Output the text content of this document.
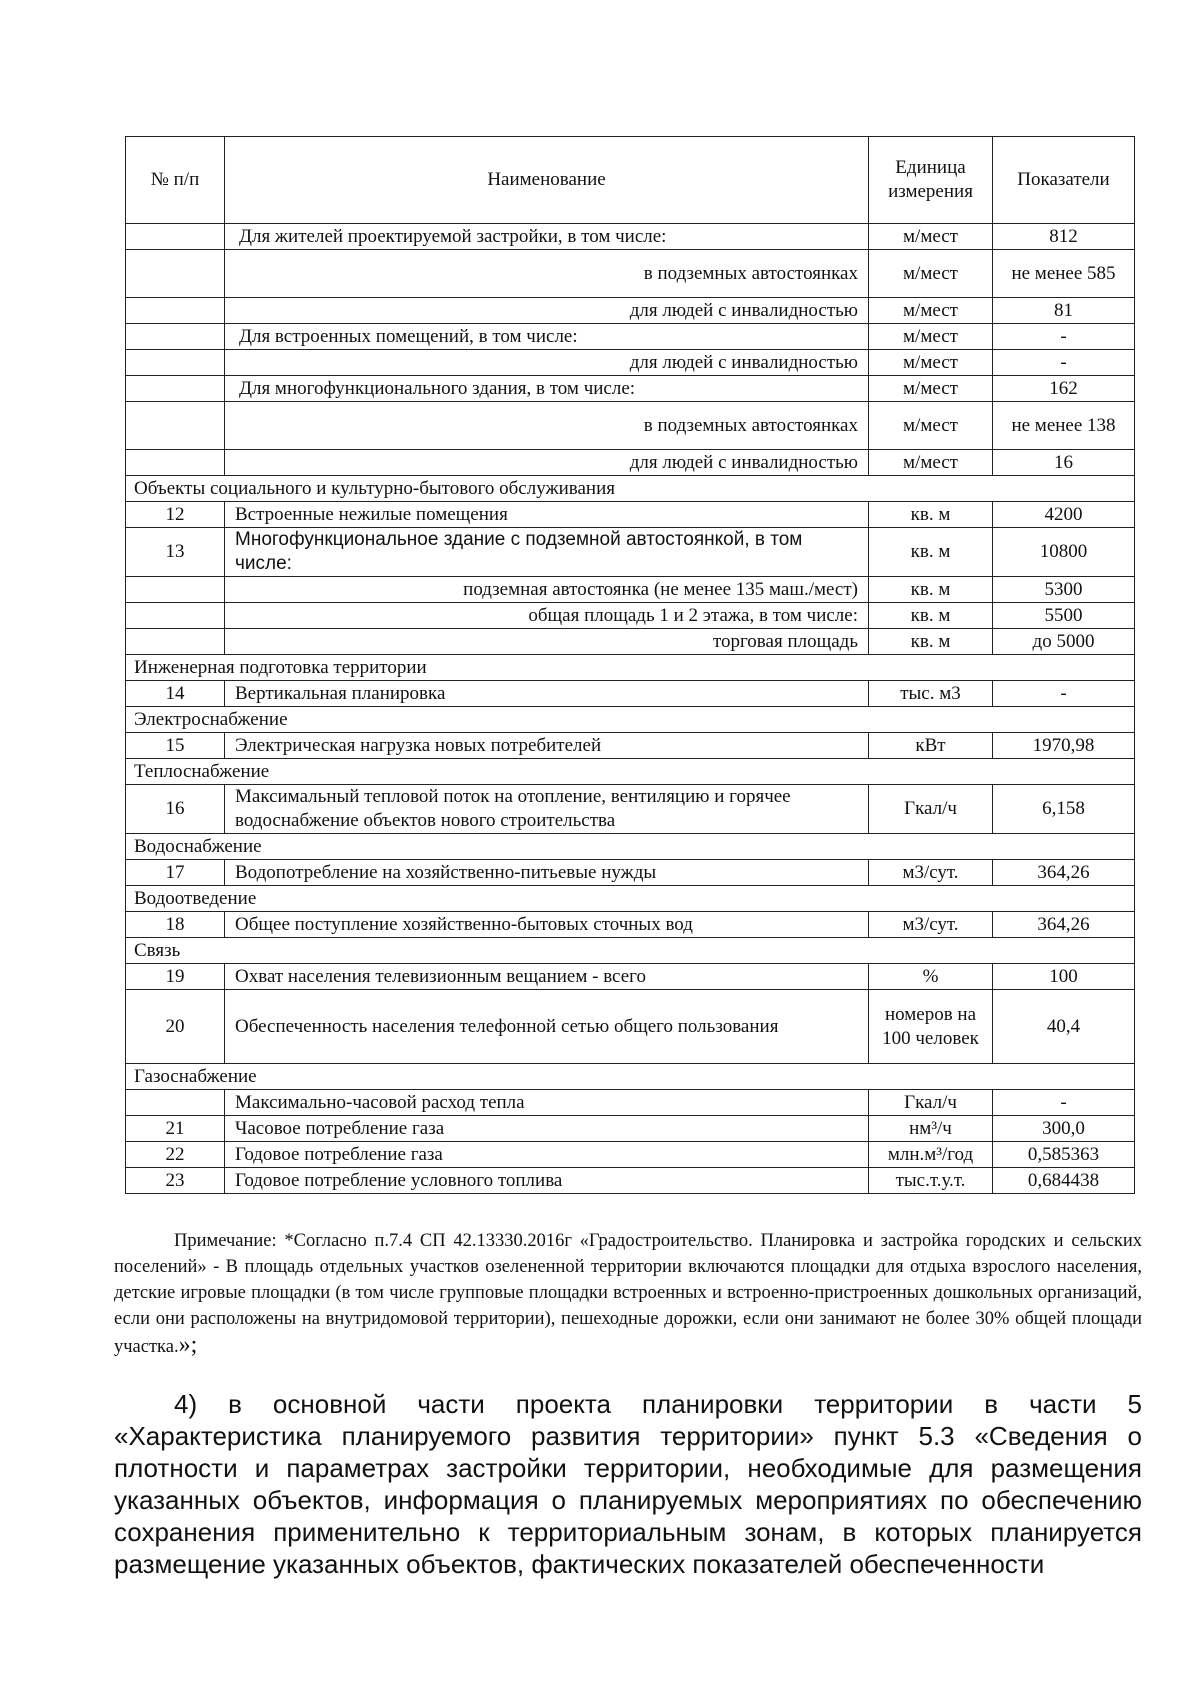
№ п/п	Наименование	Единица измерения	Показатели
	Для жителей проектируемой застройки, в том числе:	м/мест	812
	в подземных автостоянках	м/мест	не менее 585
	для людей с инвалидностью	м/мест	81
	Для встроенных помещений, в том числе:	м/мест	-
	для людей с инвалидностью	м/мест	-
	Для многофункционального здания, в том числе:	м/мест	162
	в подземных автостоянках	м/мест	не менее 138
	для людей с инвалидностью	м/мест	16
Объекты социального и культурно-бытового обслуживания			
12	Встроенные нежилые помещения	кв. м	4200
13	Многофункциональное здание с подземной автостоянкой, в том числе:	кв. м	10800
	подземная автостоянка (не менее 135 маш./мест)	кв. м	5300
	общая площадь 1 и 2 этажа, в том числе:	кв. м	5500
	торговая площадь	кв. м	до 5000
Инженерная подготовка территории			
14	Вертикальная планировка	тыс. м3	-
Электроснабжение			
15	Электрическая нагрузка новых потребителей	кВт	1970,98
Теплоснабжение			
16	Максимальный тепловой поток на отопление, вентиляцию и горячее водоснабжение объектов нового строительства	Гкал/ч	6,158
Водоснабжение			
17	Водопотребление на хозяйственно-питьевые нужды	м3/сут.	364,26
Водоотведение			
18	Общее поступление хозяйственно-бытовых сточных вод	м3/сут.	364,26
Связь			
19	Охват населения телевизионным вещанием - всего	%	100
20	Обеспеченность населения телефонной сетью общего пользования	номеров на 100 человек	40,4
Газоснабжение			
	Максимально-часовой расход тепла	Гкал/ч	-
21	Часовое потребление газа	нм³/ч	300,0
22	Годовое потребление газа	млн.м³/год	0,585363
23	Годовое потребление условного топлива	тыс.т.у.т.	0,684438

Примечание: *Согласно п.7.4 СП 42.13330.2016г «Градостроительство. Планировка и застройка городских и сельских поселений» - В площадь отдельных участков озелененной территории включаются площадки для отдыха взрослого населения, детские игровые площадки (в том числе групповые площадки встроенных и встроенно-пристроенных дошкольных организаций, если они расположены на внутридомовой территории), пешеходные дорожки, если они занимают не более 30% общей площади участка.»;

4) в основной части проекта планировки территории в части 5 «Характеристика планируемого развития территории» пункт 5.3 «Сведения о плотности и параметрах застройки территории, необходимые для размещения указанных объектов, информация о планируемых мероприятиях по обеспечению сохранения применительно к территориальным зонам, в которых планируется размещение указанных объектов, фактических показателей обеспеченности
